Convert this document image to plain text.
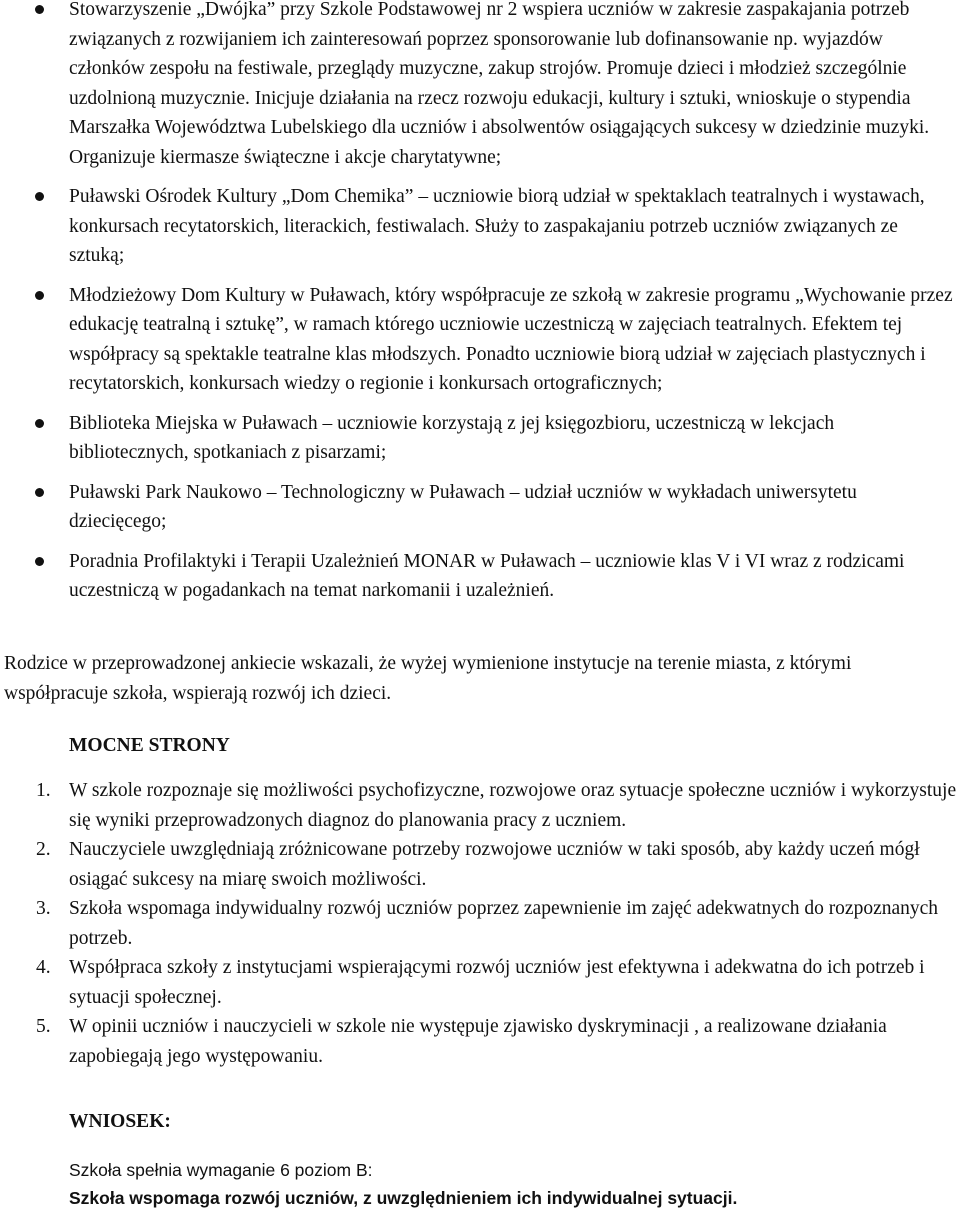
Stowarzyszenie „Dwójka” przy Szkole Podstawowej nr 2 wspiera uczniów w zakresie zaspakajania potrzeb związanych z rozwijaniem ich zainteresowań poprzez sponsorowanie lub dofinansowanie np. wyjazdów członków zespołu na festiwale, przeglądy muzyczne, zakup strojów. Promuje dzieci i młodzież szczególnie uzdolnioną muzycznie. Inicjuje działania na rzecz rozwoju edukacji, kultury i sztuki, wnioskuje o stypendia Marszałka Województwa Lubelskiego dla uczniów i absolwentów osiągających sukcesy w dziedzinie muzyki. Organizuje kiermasze świąteczne i akcje charytatywne;
Puławski Ośrodek Kultury „Dom Chemika” – uczniowie biorą udział w spektaklach teatralnych i wystawach, konkursach recytatorskich, literackich, festiwalach. Służy to zaspakajaniu potrzeb uczniów związanych ze sztuką;
Młodzieżowy Dom Kultury w Puławach, który współpracuje ze szkołą w zakresie programu „Wychowanie przez edukację teatralną i sztukę”, w ramach którego uczniowie uczestniczą w zajęciach teatralnych. Efektem tej współpracy są spektakle teatralne klas młodszych. Ponadto uczniowie biorą udział w zajęciach plastycznych i recytatorskich, konkursach wiedzy o regionie i konkursach ortograficznych;
Biblioteka Miejska w Puławach – uczniowie korzystają z jej księgozbioru, uczestniczą w lekcjach bibliotecznych, spotkaniach z pisarzami;
Puławski Park Naukowo – Technologiczny w Puławach – udział uczniów w wykładach uniwersytetu dziecięcego;
Poradnia Profilaktyki i Terapii Uzależnień MONAR w Puławach – uczniowie klas V i VI wraz z rodzicami uczestniczą w pogadankach na temat narkomanii i uzależnień.

Rodzice w przeprowadzonej ankiecie wskazali, że wyżej wymienione instytucje na terenie miasta, z którymi współpracuje szkoła, wspierają rozwój ich dzieci.

MOCNE STRONY
1. W szkole rozpoznaje się możliwości psychofizyczne, rozwojowe oraz sytuacje społeczne uczniów i wykorzystuje się wyniki przeprowadzonych diagnoz do planowania pracy z uczniem.
2. Nauczyciele uwzględniają zróżnicowane potrzeby rozwojowe uczniów w taki sposób, aby każdy uczeń mógł osiągać sukcesy na miarę swoich możliwości.
3. Szkoła wspomaga indywidualny rozwój uczniów poprzez zapewnienie im zajęć adekwatnych do rozpoznanych potrzeb.
4. Współpraca szkoły z instytucjami wspierającymi rozwój uczniów jest efektywna i adekwatna do ich potrzeb i sytuacji społecznej.
5. W opinii uczniów i nauczycieli w szkole nie występuje zjawisko dyskryminacji , a realizowane działania zapobiegają jego występowaniu.
WNIOSEK:
Szkoła spełnia wymaganie 6 poziom B:
Szkoła wspomaga rozwój uczniów, z uwzględnieniem ich indywidualnej sytuacji.
